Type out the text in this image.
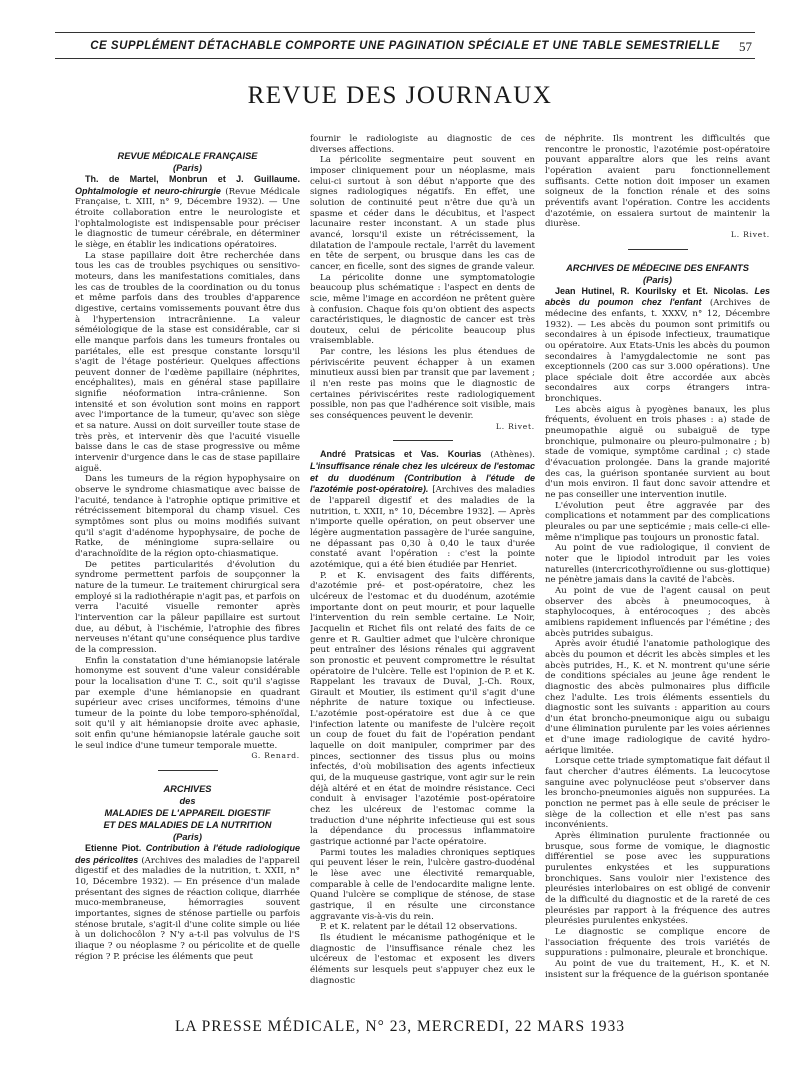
CE SUPPLÉMENT DÉTACHABLE COMPORTE UNE PAGINATION SPÉCIALE ET UNE TABLE SEMESTRIELLE	57
REVUE DES JOURNAUX
REVUE MÉDICALE FRANÇAISE
(Paris)

Th. de Martel, Monbrun et J. Guillaume. Ophtalmologie et neuro-chirurgie (Revue Médicale Française, t. XIII, n° 9, Décembre 1932). — Une étroite collaboration entre le neurologiste et l'ophtalmologiste est indispensable pour préciser le diagnostic de tumeur cérébrale, en déterminer le siège, en établir les indications opératoires.

La stase papillaire doit être recherchée dans tous les cas de troubles psychiques ou sensitivo-moteurs, dans les manifestations comitiales, dans les cas de troubles de la coordination ou du tonus et même parfois dans des troubles d'apparence digestive, certains vomissements pouvant être dus à l'hypertension intracrânienne. La valeur séméiologique de la stase est considérable, car si elle manque parfois dans les tumeurs frontales ou pariétales, elle est presque constante lorsqu'il s'agit de l'étage postérieur. Quelques affections peuvent donner de l'œdème papillaire (néphrites, encéphalites), mais en général stase papillaire signifie néoformation intra-crânienne. Son intensité et son évolution sont moins en rapport avec l'importance de la tumeur, qu'avec son siège et sa nature. Aussi on doit surveiller toute stase de très près, et intervenir dès que l'acuité visuelle baisse dans le cas de stase progressive ou même intervenir d'urgence dans le cas de stase papillaire aiguë.

Dans les tumeurs de la région hypophysaire on observe le syndrome chiasmatique avec baisse de l'acuité, tendance à l'atrophie optique primitive et rétrécissement bitemporal du champ visuel. Ces symptômes sont plus ou moins modifiés suivant qu'il s'agit d'adénome hypophysaire, de poche de Ratke, de méningiome supra-sellaire ou d'arachnoïdite de la région opto-chiasmatique.

De petites particularités d'évolution du syndrome permettent parfois de soupçonner la nature de la tumeur. Le traitement chirurgical sera employé si la radiothérapie n'agit pas, et parfois on verra l'acuité visuelle remonter après l'intervention car la pâleur papillaire est surtout due, au début, à l'ischémie, l'atrophie des fibres nerveuses n'étant qu'une conséquence plus tardive de la compression.

Enfin la constatation d'une hémianopsie latérale homonyme est souvent d'une valeur considérable pour la localisation d'une T. C., soit qu'il s'agisse par exemple d'une hémianopsie en quadrant supérieur avec crises unciformes, témoins d'une tumeur de la pointe du lobe temporo-sphénoïdal, soit qu'il y ait hémianopsie droite avec aphasie, soit enfin qu'une hémianopsie latérale gauche soit le seul indice d'une tumeur temporale muette.

G. Renard.

ARCHIVES
des
MALADIES DE L'APPAREIL DIGESTIF
ET DES MALADIES DE LA NUTRITION
(Paris)

Etienne Piot. Contribution à l'étude radiologique des péricolites (Archives des maladies de l'appareil digestif et des maladies de la nutrition, t. XXII, n° 10, Décembre 1932). — En présence d'un malade présentant des signes de réaction colique, diarrhée muco-membraneuse, hémorragies souvent importantes, signes de sténose partielle ou parfois sténose brutale, s'agit-il d'une colite simple ou liée à un dolichocôlon ? N'y a-t-il pas volvulus de l'S iliaque ? ou néoplasme ? ou péricolite et de quelle région ? P. précise les éléments que peut

fournir le radiologiste au diagnostic de ces diverses affections.

La péricolite segmentaire peut souvent en imposer cliniquement pour un néoplasme, mais celui-ci surtout à son début n'apporte que des signes radiologiques négatifs. En effet, une solution de continuité peut n'être due qu'à un spasme et céder dans le décubitus, et l'aspect lacunaire rester inconstant. A un stade plus avancé, lorsqu'il existe un rétrécissement, la dilatation de l'ampoule rectale, l'arrêt du lavement en tête de serpent, ou brusque dans les cas de cancer, en ficelle, sont des signes de grande valeur.

La péricolite donne une symptomatologie beaucoup plus schématique : l'aspect en dents de scie, même l'image en accordéon ne prêtent guère à confusion. Chaque fois qu'on obtient des aspects caractéristiques, le diagnostic de cancer est très douteux, celui de péricolite beaucoup plus vraisemblable.

Par contre, les lésions les plus étendues de périviscérite peuvent échapper à un examen minutieux aussi bien par transit que par lavement ; il n'en reste pas moins que le diagnostic de certaines périviscérites reste radiologiquement possible, non pas que l'adhérence soit visible, mais ses conséquences peuvent le devenir.

L. Rivet.

André Pratsicas et Vas. Kourias (Athènes). L'insuffisance rénale chez les ulcéreux de l'estomac et du duodénum (Contribution à l'étude de l'azotémie post-opératoire). [Archives des maladies de l'appareil digestif et des maladies de la nutrition, t. XXII, n° 10, Décembre 1932]. — Après n'importe quelle opération, on peut observer une légère augmentation passagère de l'urée sanguine, ne dépassant pas 0,30 à 0,40 le taux d'urée constaté avant l'opération : c'est la pointe azotémique, qui a été bien étudiée par Henriet.

P. et K. envisagent des faits différents, d'azotémie pré- et post-opératoire, chez les ulcéreux de l'estomac et du duodénum, azotémie importante dont on peut mourir, et pour laquelle l'intervention du rein semble certaine. Le Noir, Jacquelin et Richet fils ont relaté des faits de ce genre et R. Gaultier admet que l'ulcère chronique peut entraîner des lésions rénales qui aggravent son pronostic et peuvent compromettre le résultat opératoire de l'ulcère. Telle est l'opinion de P. et K. Rappelant les travaux de Duval, J.-Ch. Roux, Girault et Moutier, ils estiment qu'il s'agit d'une néphrite de nature toxique ou infectieuse. L'azotémie post-opératoire est due à ce que l'infection latente ou manifeste de l'ulcère reçoit un coup de fouet du fait de l'opération pendant laquelle on doit manipuler, comprimer par des pinces, sectionner des tissus plus ou moins infectés, d'où mobilisation des agents infectieux qui, de la muqueuse gastrique, vont agir sur le rein déjà altéré et en état de moindre résistance. Ceci conduit à envisager l'azotémie post-opératoire chez les ulcéreux de l'estomac comme la traduction d'une néphrite infectieuse qui est sous la dépendance du processus inflammatoire gastrique actionné par l'acte opératoire.

Parmi toutes les maladies chroniques septiques qui peuvent léser le rein, l'ulcère gastro-duodénal le lèse avec une électivité remarquable, comparable à celle de l'endocardite maligne lente. Quand l'ulcère se complique de sténose, de stase gastrique, il en résulte une circonstance aggravante vis-à-vis du rein.

P. et K. relatent par le détail 12 observations.

Ils étudient le mécanisme pathogénique et le diagnostic de l'insuffisance rénale chez les ulcéreux de l'estomac et exposent les divers éléments sur lesquels peut s'appuyer chez eux le diagnostic

de néphrite. Ils montrent les difficultés que rencontre le pronostic, l'azotémie post-opératoire pouvant apparaître alors que les reins avant l'opération avaient paru fonctionnellement suffisants. Cette notion doit imposer un examen soigneux de la fonction rénale et des soins préventifs avant l'opération. Contre les accidents d'azotémie, on essaiera surtout de maintenir la diurèse.

L. Rivet.

ARCHIVES DE MÉDECINE DES ENFANTS
(Paris)

Jean Hutinel, R. Kourilsky et Et. Nicolas. Les abcès du poumon chez l'enfant (Archives de médecine des enfants, t. XXXV, n° 12, Décembre 1932). — Les abcès du poumon sont primitifs ou secondaires à un épisode infectieux, traumatique ou opératoire. Aux Etats-Unis les abcès du poumon secondaires à l'amygdalectomie ne sont pas exceptionnels (200 cas sur 3.000 opérations). Une place spéciale doit être accordée aux abcès secondaires aux corps étrangers intra-bronchiques.

Les abcès aigus à pyogènes banaux, les plus fréquents, évoluent en trois phases : a) stade de pneumopathie aiguë ou subaiguë de type bronchique, pulmonaire ou pleuro-pulmonaire ; b) stade de vomique, symptôme cardinal ; c) stade d'évacuation prolongée. Dans la grande majorité des cas, la guérison spontanée survient au bout d'un mois environ. Il faut donc savoir attendre et ne pas conseiller une intervention inutile.

L'évolution peut être aggravée par des complications et notamment par des complications pleurales ou par une septicémie ; mais celle-ci elle-même n'implique pas toujours un pronostic fatal.

Au point de vue radiologique, il convient de noter que le lipiodol introduit par les voies naturelles (intercricothyroïdienne ou sus-glottique) ne pénètre jamais dans la cavité de l'abcès.

Au point de vue de l'agent causal on peut observer des abcès à pneumocoques, à staphylocoques, à entérocoques ; des abcès amibiens rapidement influencés par l'émétine ; des abcès putrides subaigus.

Après avoir étudié l'anatomie pathologique des abcès du poumon et décrit les abcès simples et les abcès putrides, H., K. et N. montrent qu'une série de conditions spéciales au jeune âge rendent le diagnostic des abcès pulmonaires plus difficile chez l'adulte. Les trois éléments essentiels du diagnostic sont les suivants : apparition au cours d'un état broncho-pneumonique aigu ou subaigu d'une élimination purulente par les voies aériennes et d'une image radiologique de cavité hydro-aérique limitée.

Lorsque cette triade symptomatique fait défaut il faut chercher d'autres éléments. La leucocytose sanguine avec polynucléose peut s'observer dans les broncho-pneumonies aiguës non suppurées. La ponction ne permet pas à elle seule de préciser le siège de la collection et elle n'est pas sans inconvénients.

Après élimination purulente fractionnée ou brusque, sous forme de vomique, le diagnostic différentiel se pose avec les suppurations purulentes enkystées et les suppurations bronchiques. Sans vouloir nier l'existence des pleurésies interlobaires on est obligé de convenir de la difficulté du diagnostic et de la rareté de ces pleurésies par rapport à la fréquence des autres pleurésies purulentes enkystées.

Le diagnostic se complique encore de l'association fréquente des trois variétés de suppurations : pulmonaire, pleurale et bronchique.

Au point de vue du traitement, H., K. et N. insistent sur la fréquence de la guérison spontanée

LA PRESSE MÉDICALE, N° 23, MERCREDI, 22 MARS 1933
